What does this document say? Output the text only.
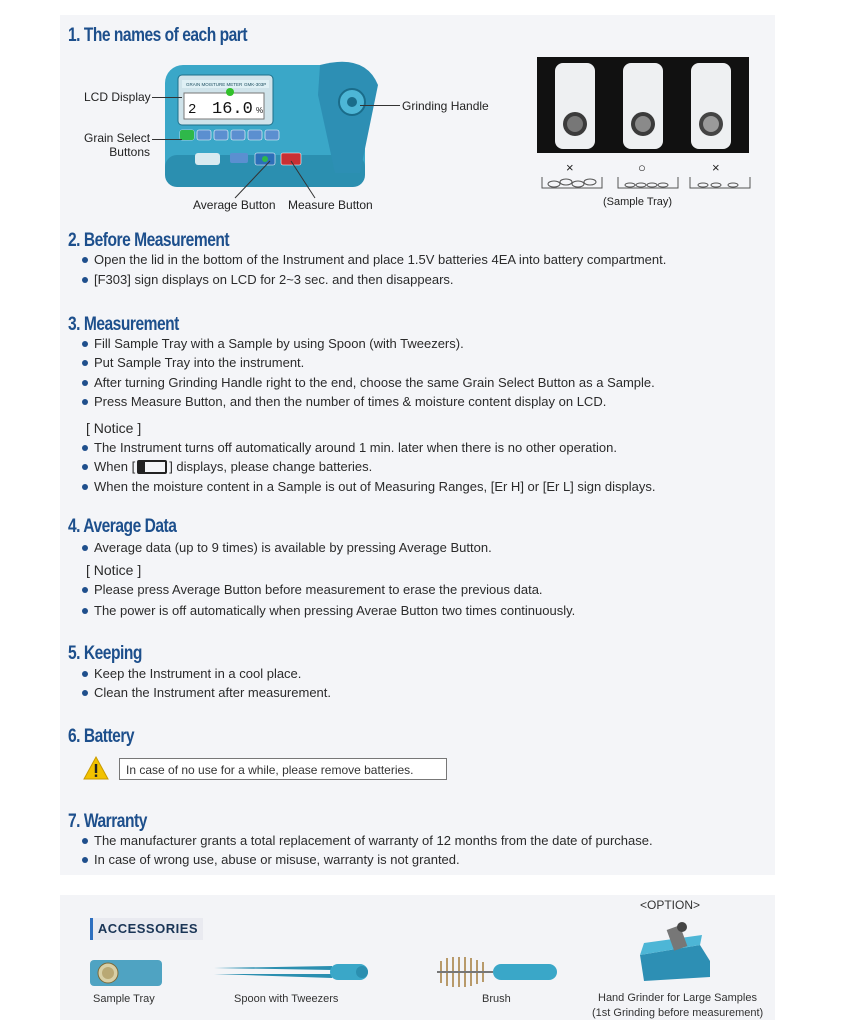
1. The names of each part
GRAIN MOISTURE METER GMK-303P
2 16.0 %
LCD Display
Grain Select
Buttons
Grinding Handle
Average Button Measure Button
×	○	×
(Sample Tray)
2. Before Measurement
Open the lid in the bottom of the Instrument and place 1.5V batteries 4EA into battery compartment.
[F303] sign displays on LCD for 2~3 sec. and then disappears.
3. Measurement
Fill Sample Tray with a Sample by using Spoon (with Tweezers).
Put Sample Tray into the instrument.
After turning Grinding Handle right to the end, choose the same Grain Select Button as a Sample.
Press Measure Button, and then the number of times & moisture content display on LCD.
[ Notice ]
The Instrument turns off automatically around 1 min. later when there is no other operation.
When [	] displays, please change batteries.
When the moisture content in a Sample is out of Measuring Ranges, [Er H] or [Er L] sign displays.
4. Average Data
Average data (up to 9 times) is available by pressing Average Button.
[ Notice ]
Please press Average Button before measurement to erase the previous data.
The power is off automatically when pressing Averae Button two times continuously.
5. Keeping
Keep the Instrument in a cool place.
Clean the Instrument after measurement.
6. Battery
In case of no use for a while, please remove batteries.
7. Warranty
The manufacturer grants a total replacement of warranty of 12 months from the date of purchase.
In case of wrong use, abuse or misuse, warranty is not granted.
ACCESSORIES
<OPTION>
Sample Tray	Spoon with Tweezers	Brush	Hand Grinder for Large Samples
(1st Grinding before measurement)
